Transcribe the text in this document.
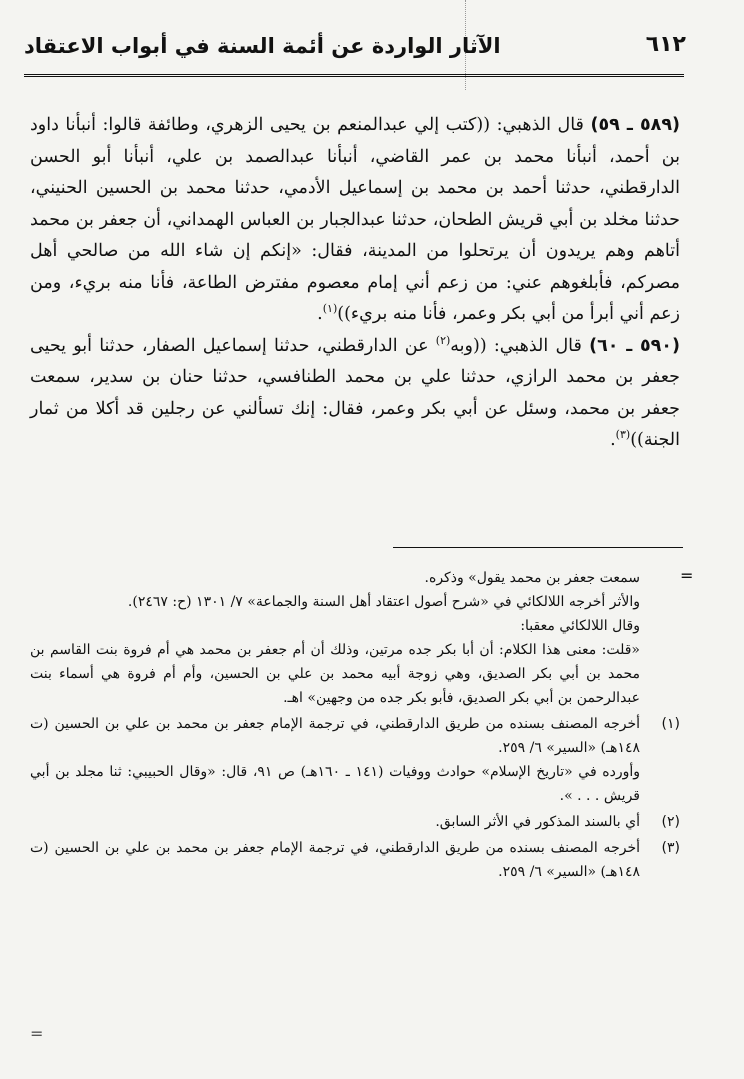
٦١٢
الآثار الواردة عن أئمة السنة في أبواب الاعتقاد

(٥٨٩ ـ ٥٩) قال الذهبي: ((كتب إلي عبدالمنعم بن يحيى الزهري، وطائفة قالوا: أنبأنا داود بن أحمد، أنبأنا محمد بن عمر القاضي، أنبأنا عبدالصمد بن علي، أنبأنا أبو الحسن الدارقطني، حدثنا أحمد بن محمد بن إسماعيل الأدمي، حدثنا محمد بن الحسين الحنيني، حدثنا مخلد بن أبي قريش الطحان، حدثنا عبدالجبار بن العباس الهمداني، أن جعفر بن محمد أتاهم وهم يريدون أن يرتحلوا من المدينة، فقال: «إنكم إن شاء الله من صالحي أهل مصركم، فأبلغوهم عني: من زعم أني إمام معصوم مفترض الطاعة، فأنا منه بريء، ومن زعم أني أبرأ من أبي بكر وعمر، فأنا منه بريء))$^{(١)}$.

(٥٩٠ ـ ٦٠) قال الذهبي: ((وبه$^{(٢)}$ عن الدارقطني، حدثنا إسماعيل الصفار، حدثنا أبو يحيى جعفر بن محمد الرازي، حدثنا علي بن محمد الطنافسي، حدثنا حنان بن سدير، سمعت جعفر بن محمد، وسئل عن أبي بكر وعمر، فقال: إنك تسألني عن رجلين قد أكلا من ثمار الجنة))$^{(٣)}$.

=
سمعت جعفر بن محمد يقول» وذكره.
والأثر أخرجه اللالكائي في «شرح أصول اعتقاد أهل السنة والجماعة» ٧/ ١٣٠١ (ح: ٢٤٦٧).
وقال اللالكائي معقبا:
«قلت: معنى هذا الكلام: أن أبا بكر جده مرتين، وذلك أن أم جعفر بن محمد هي أم فروة بنت القاسم بن محمد بن أبي بكر الصديق، وهي زوجة أبيه محمد بن علي بن الحسين، وأم أم فروة هي أسماء بنت عبدالرحمن بن أبي بكر الصديق، فأبو بكر جده من وجهين» اهـ.
(١)
أخرجه المصنف بسنده من طريق الدارقطني، في ترجمة الإمام جعفر بن محمد بن علي بن الحسين (ت ١٤٨هـ) «السير» ٦/ ٢٥٩.
وأورده في «تاريخ الإسلام» حوادث ووفيات (١٤١ ـ ١٦٠هـ) ص ٩١، قال: «وقال الحبيبي: ثنا مجلد بن أبي قريش . . . ».
(٢)
أي بالسند المذكور في الأثر السابق.
(٣)
أخرجه المصنف بسنده من طريق الدارقطني، في ترجمة الإمام جعفر بن محمد بن علي بن الحسين (ت ١٤٨هـ) «السير» ٦/ ٢٥٩.
=
